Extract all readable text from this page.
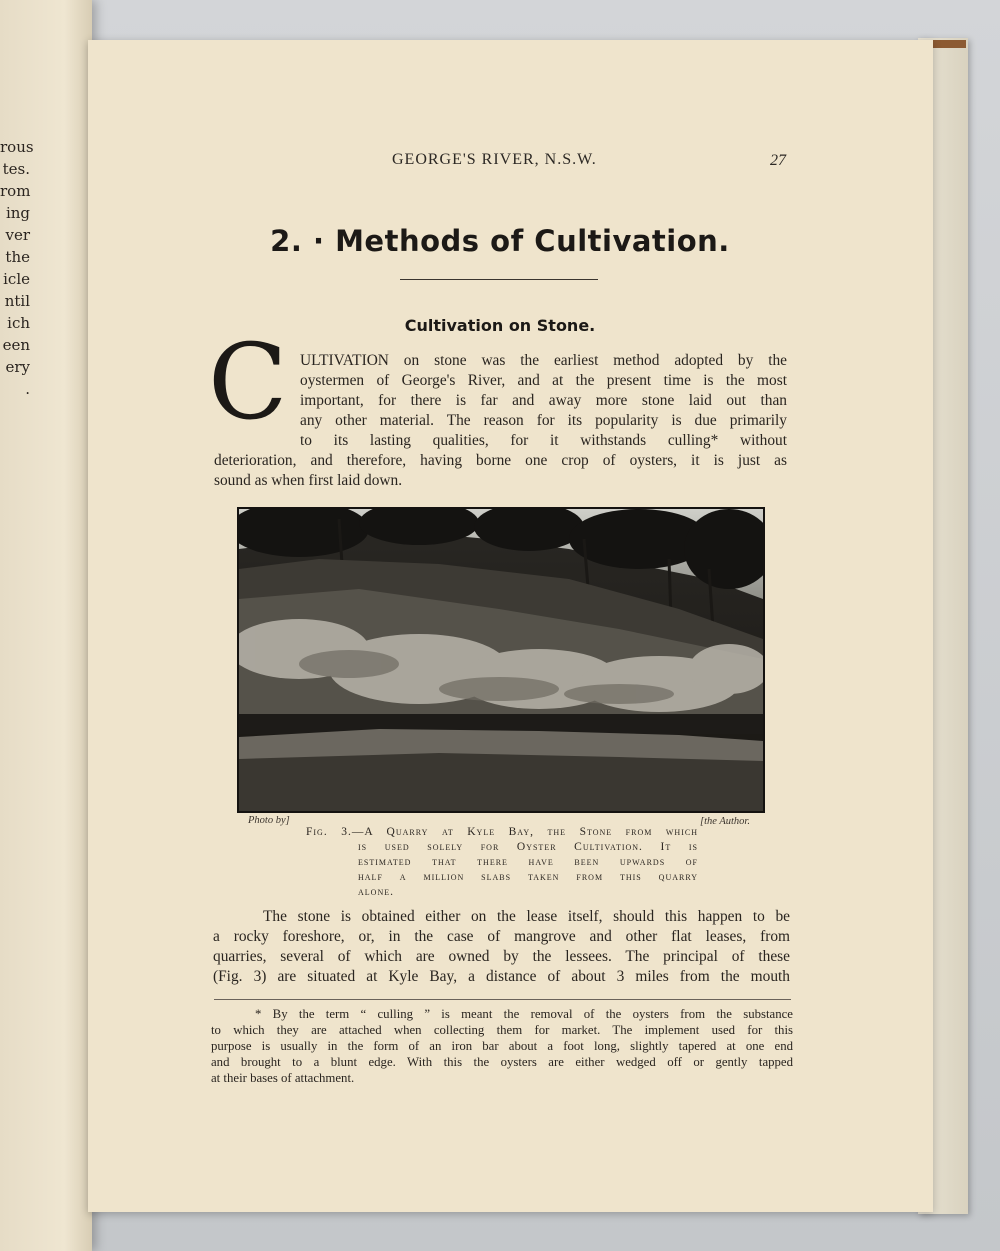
rous
tes.
rom
ing
ver
the
icle
ntil
ich
een
ery
.
GEORGE'S RIVER, N.S.W.	27
2. · Methods of Cultivation.
Cultivation on Stone.
C ULTIVATION on stone was the earliest method adopted by the
oystermen of George's River, and at the present time is the most
important, for there is far and away more stone laid out than
any other material. The reason for its popularity is due primarily
to its lasting qualities, for it withstands culling* without
deterioration, and therefore, having borne one crop of oysters, it is just as
sound as when first laid down.
Photo by]	[the Author.
Fig. 3.—A Quarry at Kyle Bay, the Stone from which
is used solely for Oyster Cultivation. It is
estimated that there have been upwards of
half a million slabs taken from this quarry
alone.
The stone is obtained either on the lease itself, should this happen to be
a rocky foreshore, or, in the case of mangrove and other flat leases, from
quarries, several of which are owned by the lessees. The principal of these
(Fig. 3) are situated at Kyle Bay, a distance of about 3 miles from the mouth
* By the term “ culling ” is meant the removal of the oysters from the substance
to which they are attached when collecting them for market. The implement used for this
purpose is usually in the form of an iron bar about a foot long, slightly tapered at one end
and brought to a blunt edge. With this the oysters are either wedged off or gently tapped
at their bases of attachment.
